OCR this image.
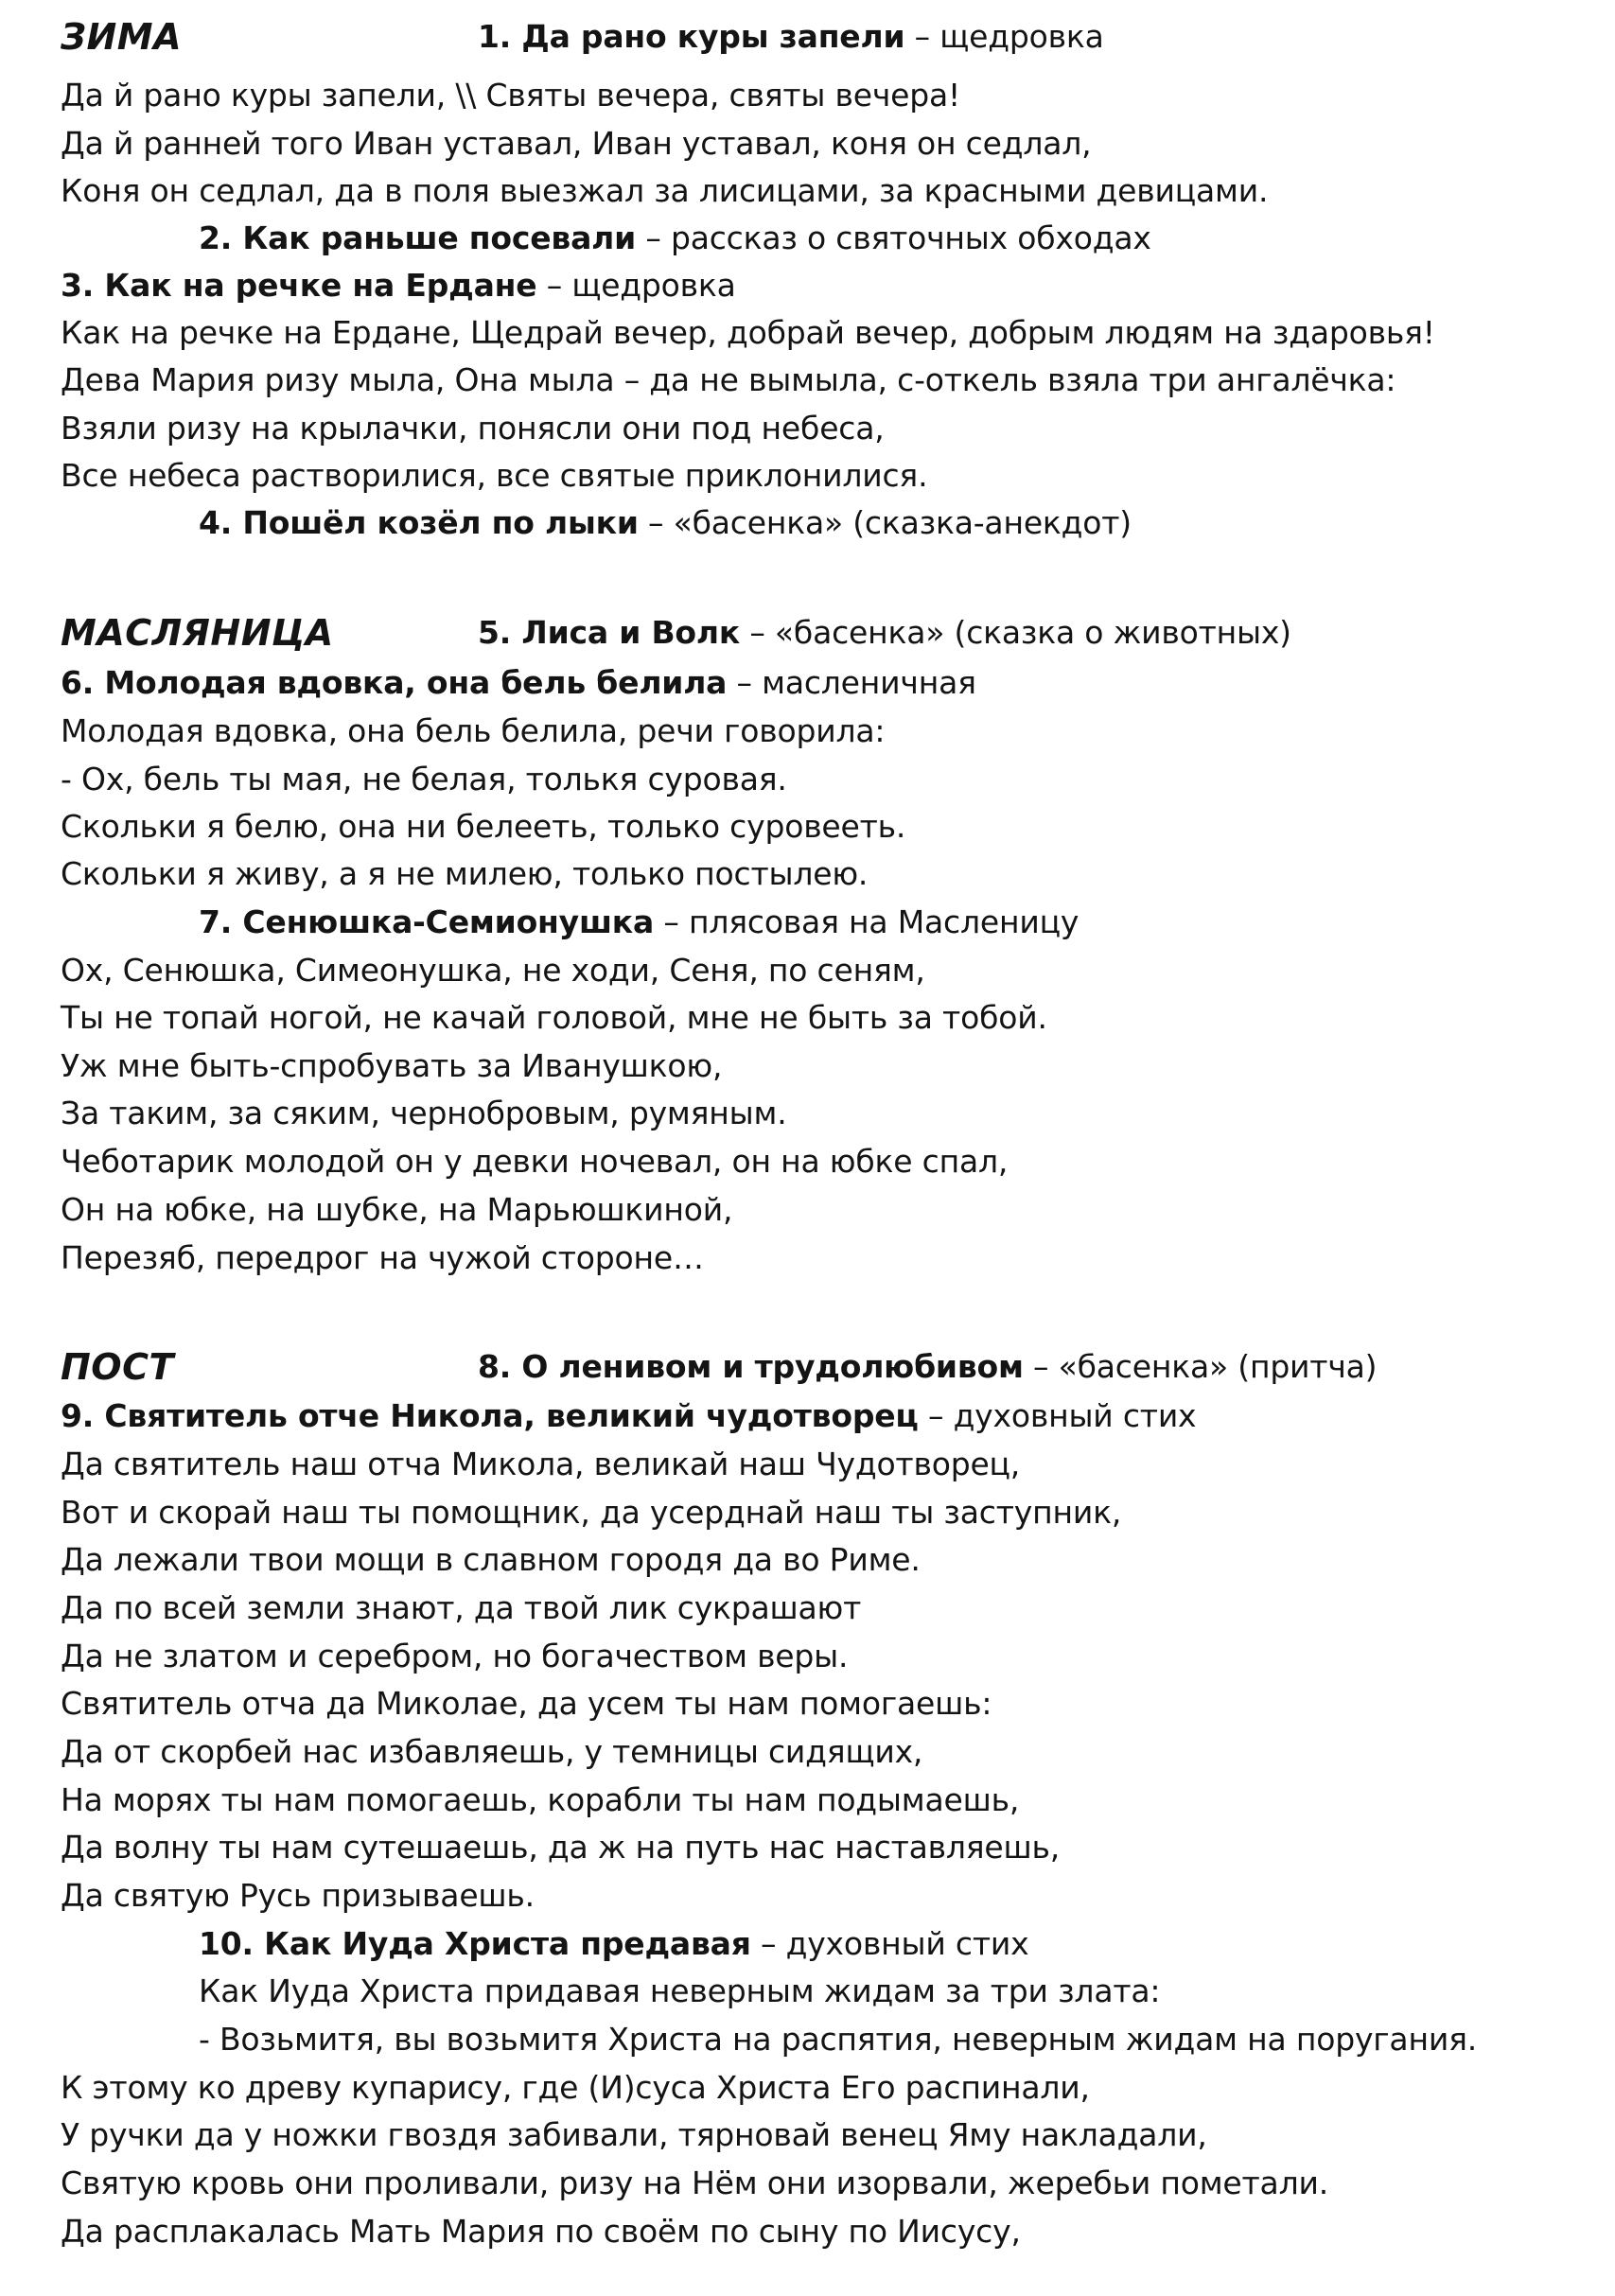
ЗИМА	1. Да рано куры запели – щедровка
Да й рано куры запели, \\ Святы вечера, святы вечера!
Да й ранней того Иван уставал, Иван уставал, коня он седлал,
Коня он седлал, да в поля выезжал за лисицами, за красными девицами.
2. Как раньше посевали – рассказ о святочных обходах
3. Как на речке на Ердане – щедровка
Как на речке на Ердане, Щедрай вечер, добрай вечер, добрым людям на здаровья!
Дева Мария ризу мыла, Она мыла – да не вымыла, с-откель взяла три ангалёчка:
Взяли ризу на крылачки, понясли они под небеса,
Все небеса растворилися, все святые приклонилися.
4. Пошёл козёл по лыки – «басенка» (сказка-анекдот)
МАСЛЯНИЦА	5. Лиса и Волк – «басенка» (сказка о животных)
6. Молодая вдовка, она бель белила – масленичная
Молодая вдовка, она бель белила, речи говорила:
- Ох, бель ты мая, не белая, толькя суровая.
Скольки я белю, она ни белееть, только суровееть.
Скольки я живу, а я не милею, только постылею.
7. Сенюшка-Семионушка – плясовая на Масленицу
Ох, Сенюшка, Симеонушка, не ходи, Сеня, по сеням,
Ты не топай ногой, не качай головой, мне не быть за тобой.
Уж мне быть-спробувать за Иванушкою,
За таким, за сяким, чернобровым, румяным.
Чеботарик молодой он у девки ночевал, он на юбке спал,
Он на юбке, на шубке, на Марьюшкиной,
Перезяб, передрог на чужой стороне…
ПОСТ	8. О ленивом и трудолюбивом – «басенка» (притча)
9. Святитель отче Никола, великий чудотворец – духовный стих
Да святитель наш отча Микола, великай наш Чудотворец,
Вот и скорай наш ты помощник, да усерднай наш ты заступник,
Да лежали твои мощи в славном городя да во Риме.
Да по всей земли знают, да твой лик сукрашают
Да не златом и серебром, но богачеством веры.
Святитель отча да Миколае, да усем ты нам помогаешь:
Да от скорбей нас избавляешь, у темницы сидящих,
На морях ты нам помогаешь, корабли ты нам подымаешь,
Да волну ты нам сутешаешь, да ж на путь нас наставляешь,
Да святую Русь призываешь.
10. Как Иуда Христа предавая – духовный стих
Как Иуда Христа придавая неверным жидам за три злата:
- Возьмитя, вы возьмитя Христа на распятия, неверным жидам на поругания.
К этому ко древу купарису, где (И)суса Христа Его распинали,
У ручки да у ножки гвоздя забивали, тярновай венец Яму накладали,
Святую кровь они проливали, ризу на Нём они изорвали, жеребьи пометали.
Да расплакалась Мать Мария по своём по сыну по Иисусу,
